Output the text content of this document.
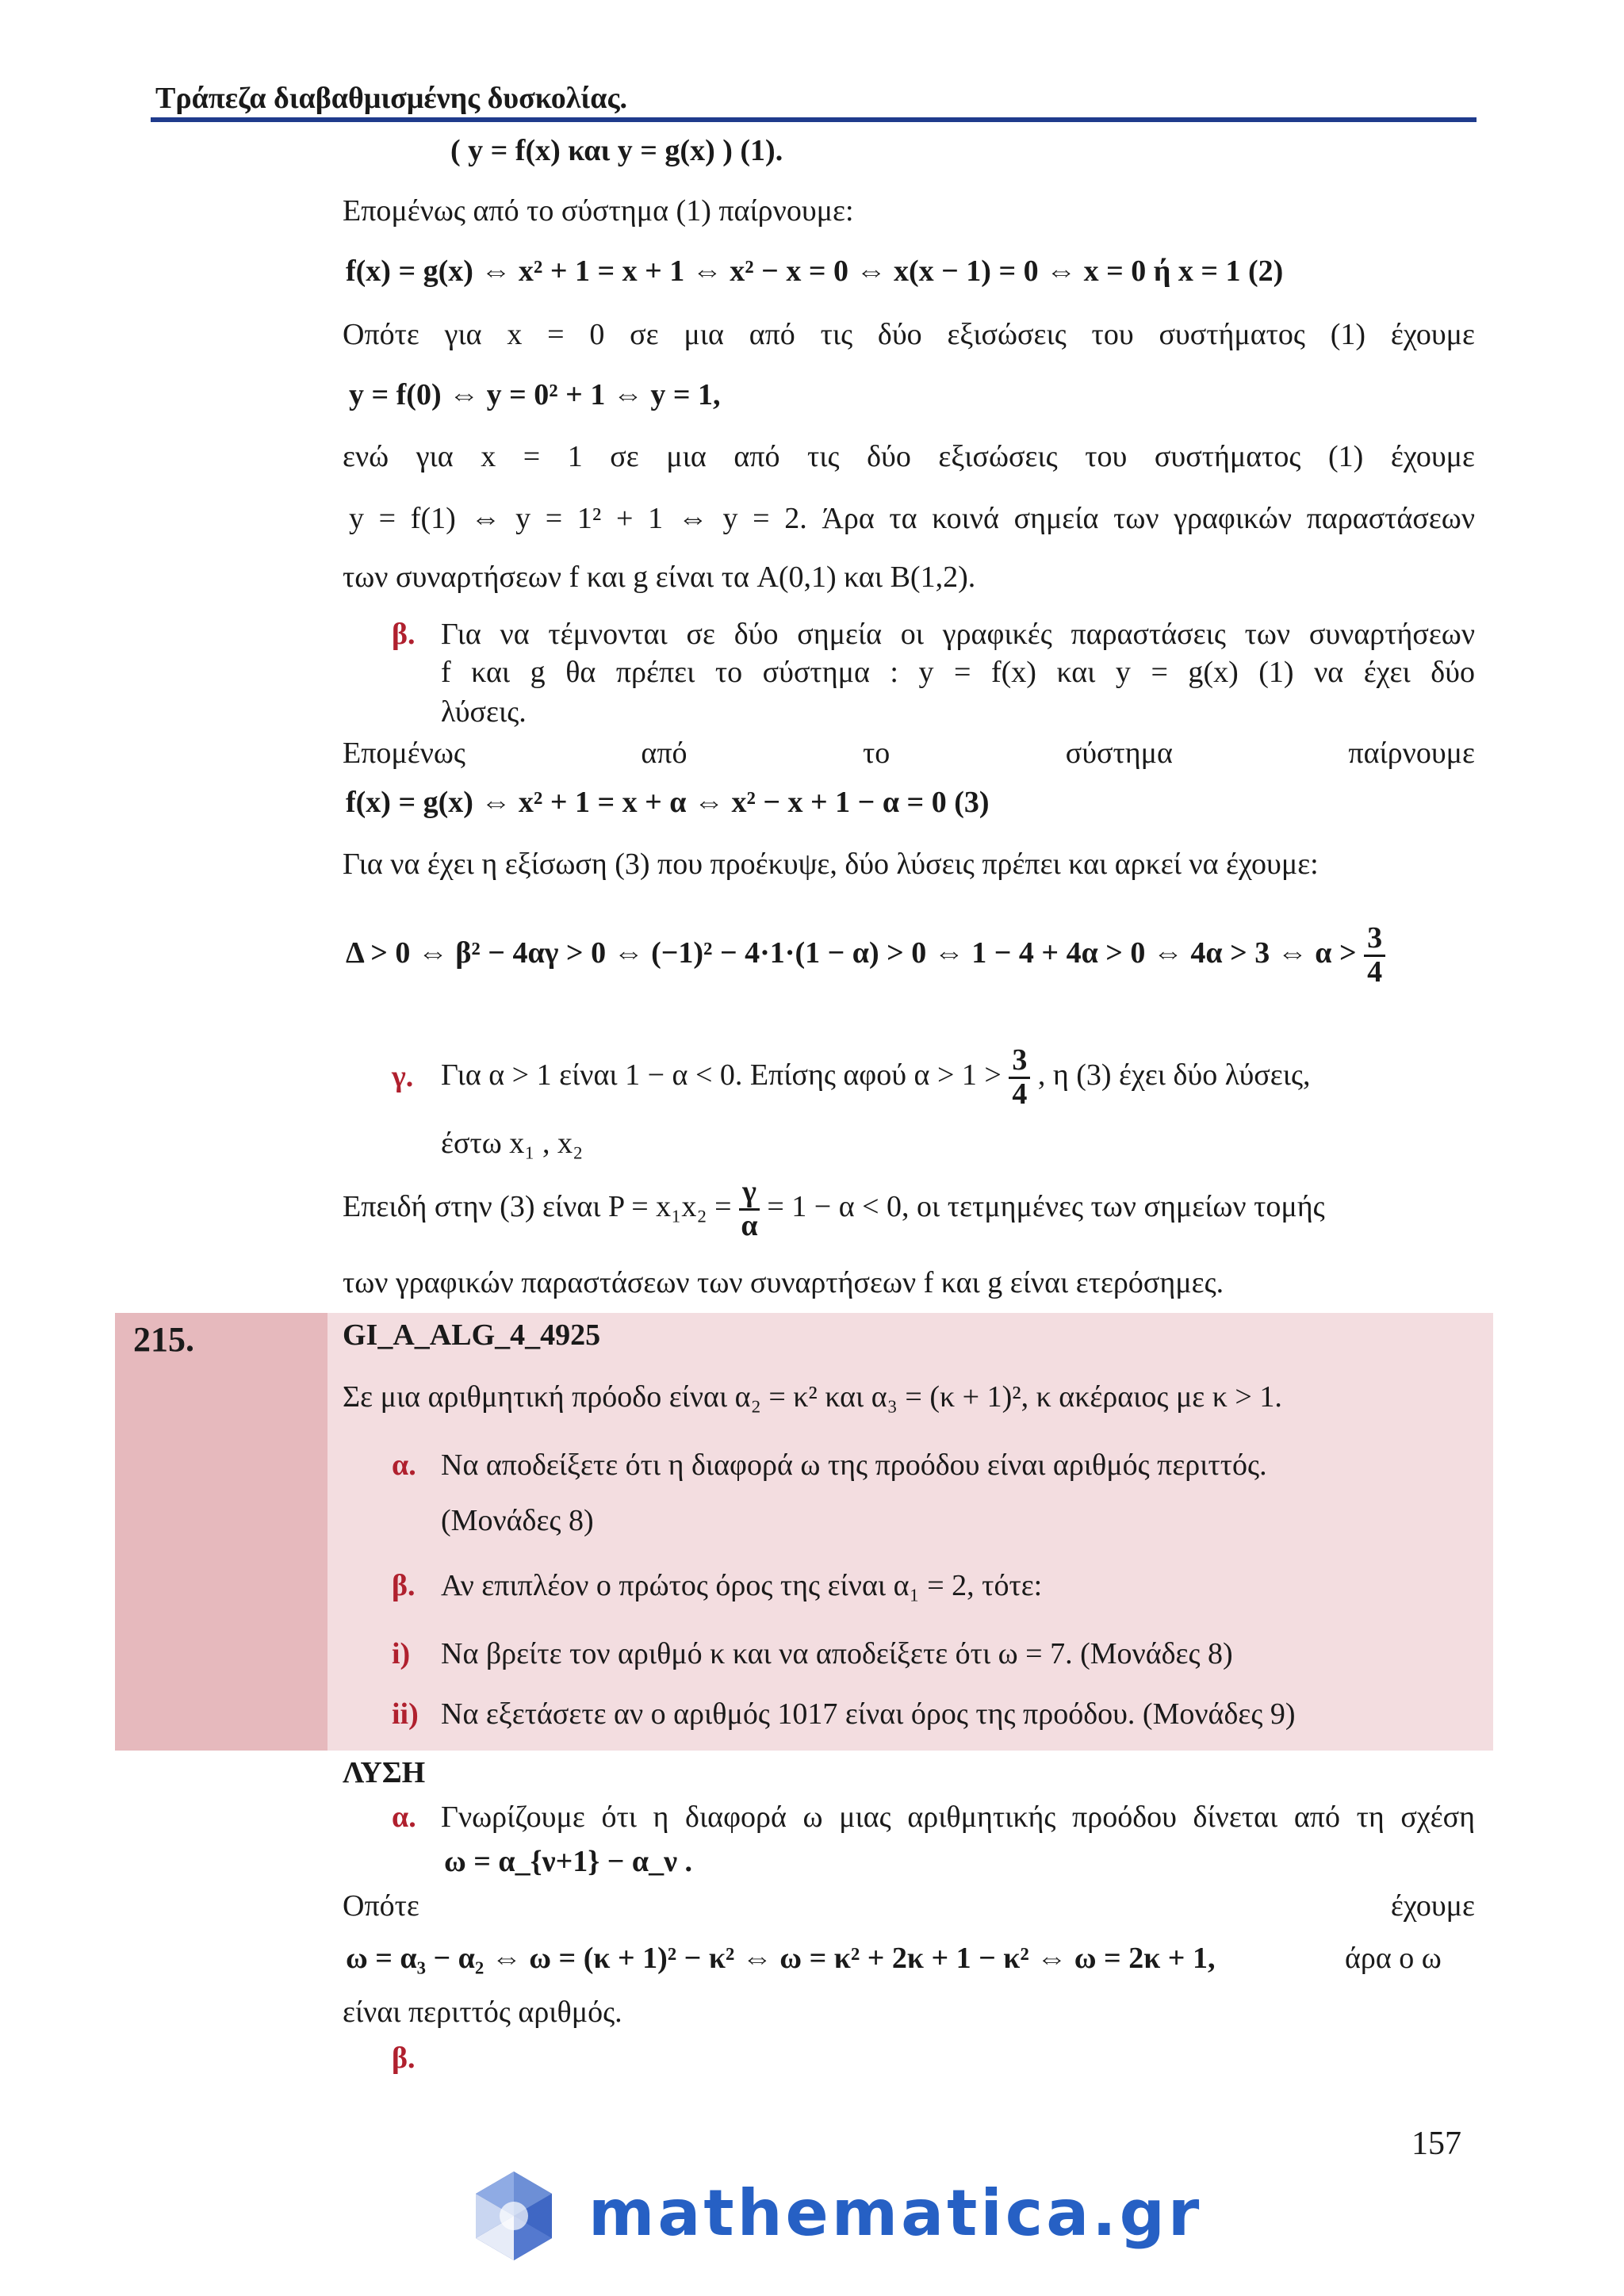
Τράπεζα διαβαθμισμένης δυσκολίας.
( y = f(x) και y = g(x) ) (1).
Επομένως από το σύστημα (1) παίρνουμε:
f(x) = g(x) ⇔ x² + 1 = x + 1 ⇔ x² − x = 0 ⇔ x(x − 1) = 0 ⇔ x = 0 ή x = 1 (2)
Οπότε για x = 0 σε μια από τις δύο εξισώσεις του συστήματος (1) έχουμε
y = f(0) ⇔ y = 0² + 1 ⇔ y = 1,
ενώ για x = 1 σε μια από τις δύο εξισώσεις του συστήματος (1) έχουμε
y = f(1) ⇔ y = 1² + 1 ⇔ y = 2. Άρα τα κοινά σημεία των γραφικών παραστάσεων
των συναρτήσεων f και g είναι τα A(0,1) και B(1,2).
β. Για να τέμνονται σε δύο σημεία οι γραφικές παραστάσεις των συναρτήσεων
f και g θα πρέπει το σύστημα : y = f(x) και y = g(x) (1) να έχει δύο
λύσεις.
Επομένως από το σύστημα παίρνουμε
f(x) = g(x) ⇔ x² + 1 = x + α ⇔ x² − x + 1 − α = 0 (3)
Για να έχει η εξίσωση (3) που προέκυψε, δύο λύσεις πρέπει και αρκεί να έχουμε:
Δ > 0 ⇔ β² − 4αγ > 0 ⇔ (−1)² − 4·1·(1 − α) > 0 ⇔ 1 − 4 + 4α > 0 ⇔ 4α > 3 ⇔ $\alpha > \frac{3}{4}$
γ. Για α > 1 είναι 1 − α < 0. Επίσης αφού $\alpha > 1 > \frac{3}{4}$ , η (3) έχει δύο λύσεις,
έστω x₁ , x₂
Επειδή στην (3) είναι $P = x_1x_2 = \frac{\gamma}{\alpha} = 1 - \alpha < 0$, οι τετμημένες των σημείων τομής
των γραφικών παραστάσεων των συναρτήσεων f και g είναι ετερόσημες.
215.	GI_A_ALG_4_4925
Σε μια αριθμητική πρόοδο είναι α₂ = κ² και α₃ = (κ + 1)², κ ακέραιος με κ > 1.
α. Να αποδείξετε ότι η διαφορά ω της προόδου είναι αριθμός περιττός.
(Μονάδες 8)
β. Αν επιπλέον ο πρώτος όρος της είναι α₁ = 2, τότε:
i) Να βρείτε τον αριθμό κ και να αποδείξετε ότι ω = 7. (Μονάδες 8)
ii) Να εξετάσετε αν ο αριθμός 1017 είναι όρος της προόδου. (Μονάδες 9)
ΛΥΣΗ
α. Γνωρίζουμε ότι η διαφορά ω μιας αριθμητικής προόδου δίνεται από τη σχέση
ω = α_{ν+1} − α_ν .
Οπότε έχουμε
ω = α₃ − α₂ ⇔ ω = (κ + 1)² − κ² ⇔ ω = κ² + 2κ + 1 − κ² ⇔ ω = 2κ + 1,	άρα ο ω
είναι περιττός αριθμός.
β.
157
mathematica.gr
